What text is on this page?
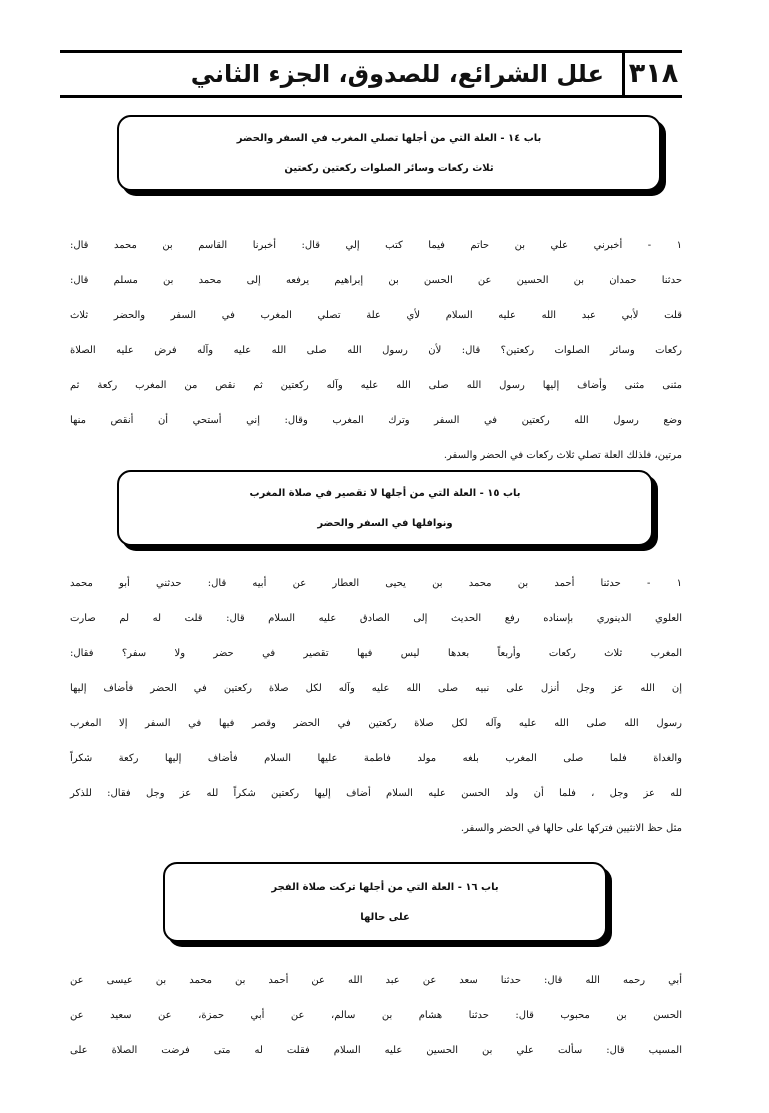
٣١٨
علل الشرائع، للصدوق، الجزء الثاني
باب ١٤ - العلة التي من أجلها تصلي المغرب في السفر والحضر
ثلاث ركعات وسائر الصلوات ركعتين ركعتين
١ - أخبرني علي بن حاتم فيما كتب إلي قال: أخبرنا القاسم بن محمد قال:
حدثنا حمدان بن الحسين عن الحسن بن إبراهيم يرفعه إلى محمد بن مسلم قال:
قلت لأبي عبد الله عليه السلام لأي علة تصلي المغرب في السفر والحضر ثلاث
ركعات وسائر الصلوات ركعتين؟ قال: لأن رسول الله صلى الله عليه وآله فرض عليه الصلاة
مثنى مثنى وأضاف إليها رسول الله صلى الله عليه وآله ركعتين ثم نقص من المغرب ركعة ثم
وضع رسول الله ركعتين في السفر وترك المغرب وقال: إني أستحي أن أنقص منها
مرتين، فلذلك العلة تصلي ثلاث ركعات في الحضر والسفر.
باب ١٥ - العلة التي من أجلها لا تقصير في صلاة المغرب
ونوافلها في السفر والحضر
١ - حدثنا أحمد بن محمد بن يحيى العطار عن أبيه قال: حدثني أبو محمد
العلوي الدينوري بإسناده رفع الحديث إلى الصادق عليه السلام قال: قلت له لم صارت
المغرب ثلاث ركعات وأربعاً بعدها ليس فيها تقصير في حضر ولا سفر؟ فقال:
إن الله عز وجل أنزل على نبيه صلى الله عليه وآله لكل صلاة ركعتين في الحضر فأضاف إليها
رسول الله صلى الله عليه وآله لكل صلاة ركعتين في الحضر وقصر فيها في السفر إلا المغرب
والغداة فلما صلى المغرب بلغه مولد فاطمة عليها السلام فأضاف إليها ركعة شكراً
لله عز وجل ، فلما أن ولد الحسن عليه السلام أضاف إليها ركعتين شكراً لله عز وجل فقال: للذكر
مثل حظ الانثيين فتركها على حالها في الحضر والسفر.
باب ١٦ - العلة التي من أجلها تركت صلاة الفجر
على حالها
أبي رحمه الله قال: حدثنا سعد عن عبد الله عن أحمد بن محمد بن عيسى عن
الحسن بن محبوب قال: حدثنا هشام بن سالم، عن أبي حمزة، عن سعيد عن
المسيب قال: سألت علي بن الحسين عليه السلام فقلت له متى فرضت الصلاة على
